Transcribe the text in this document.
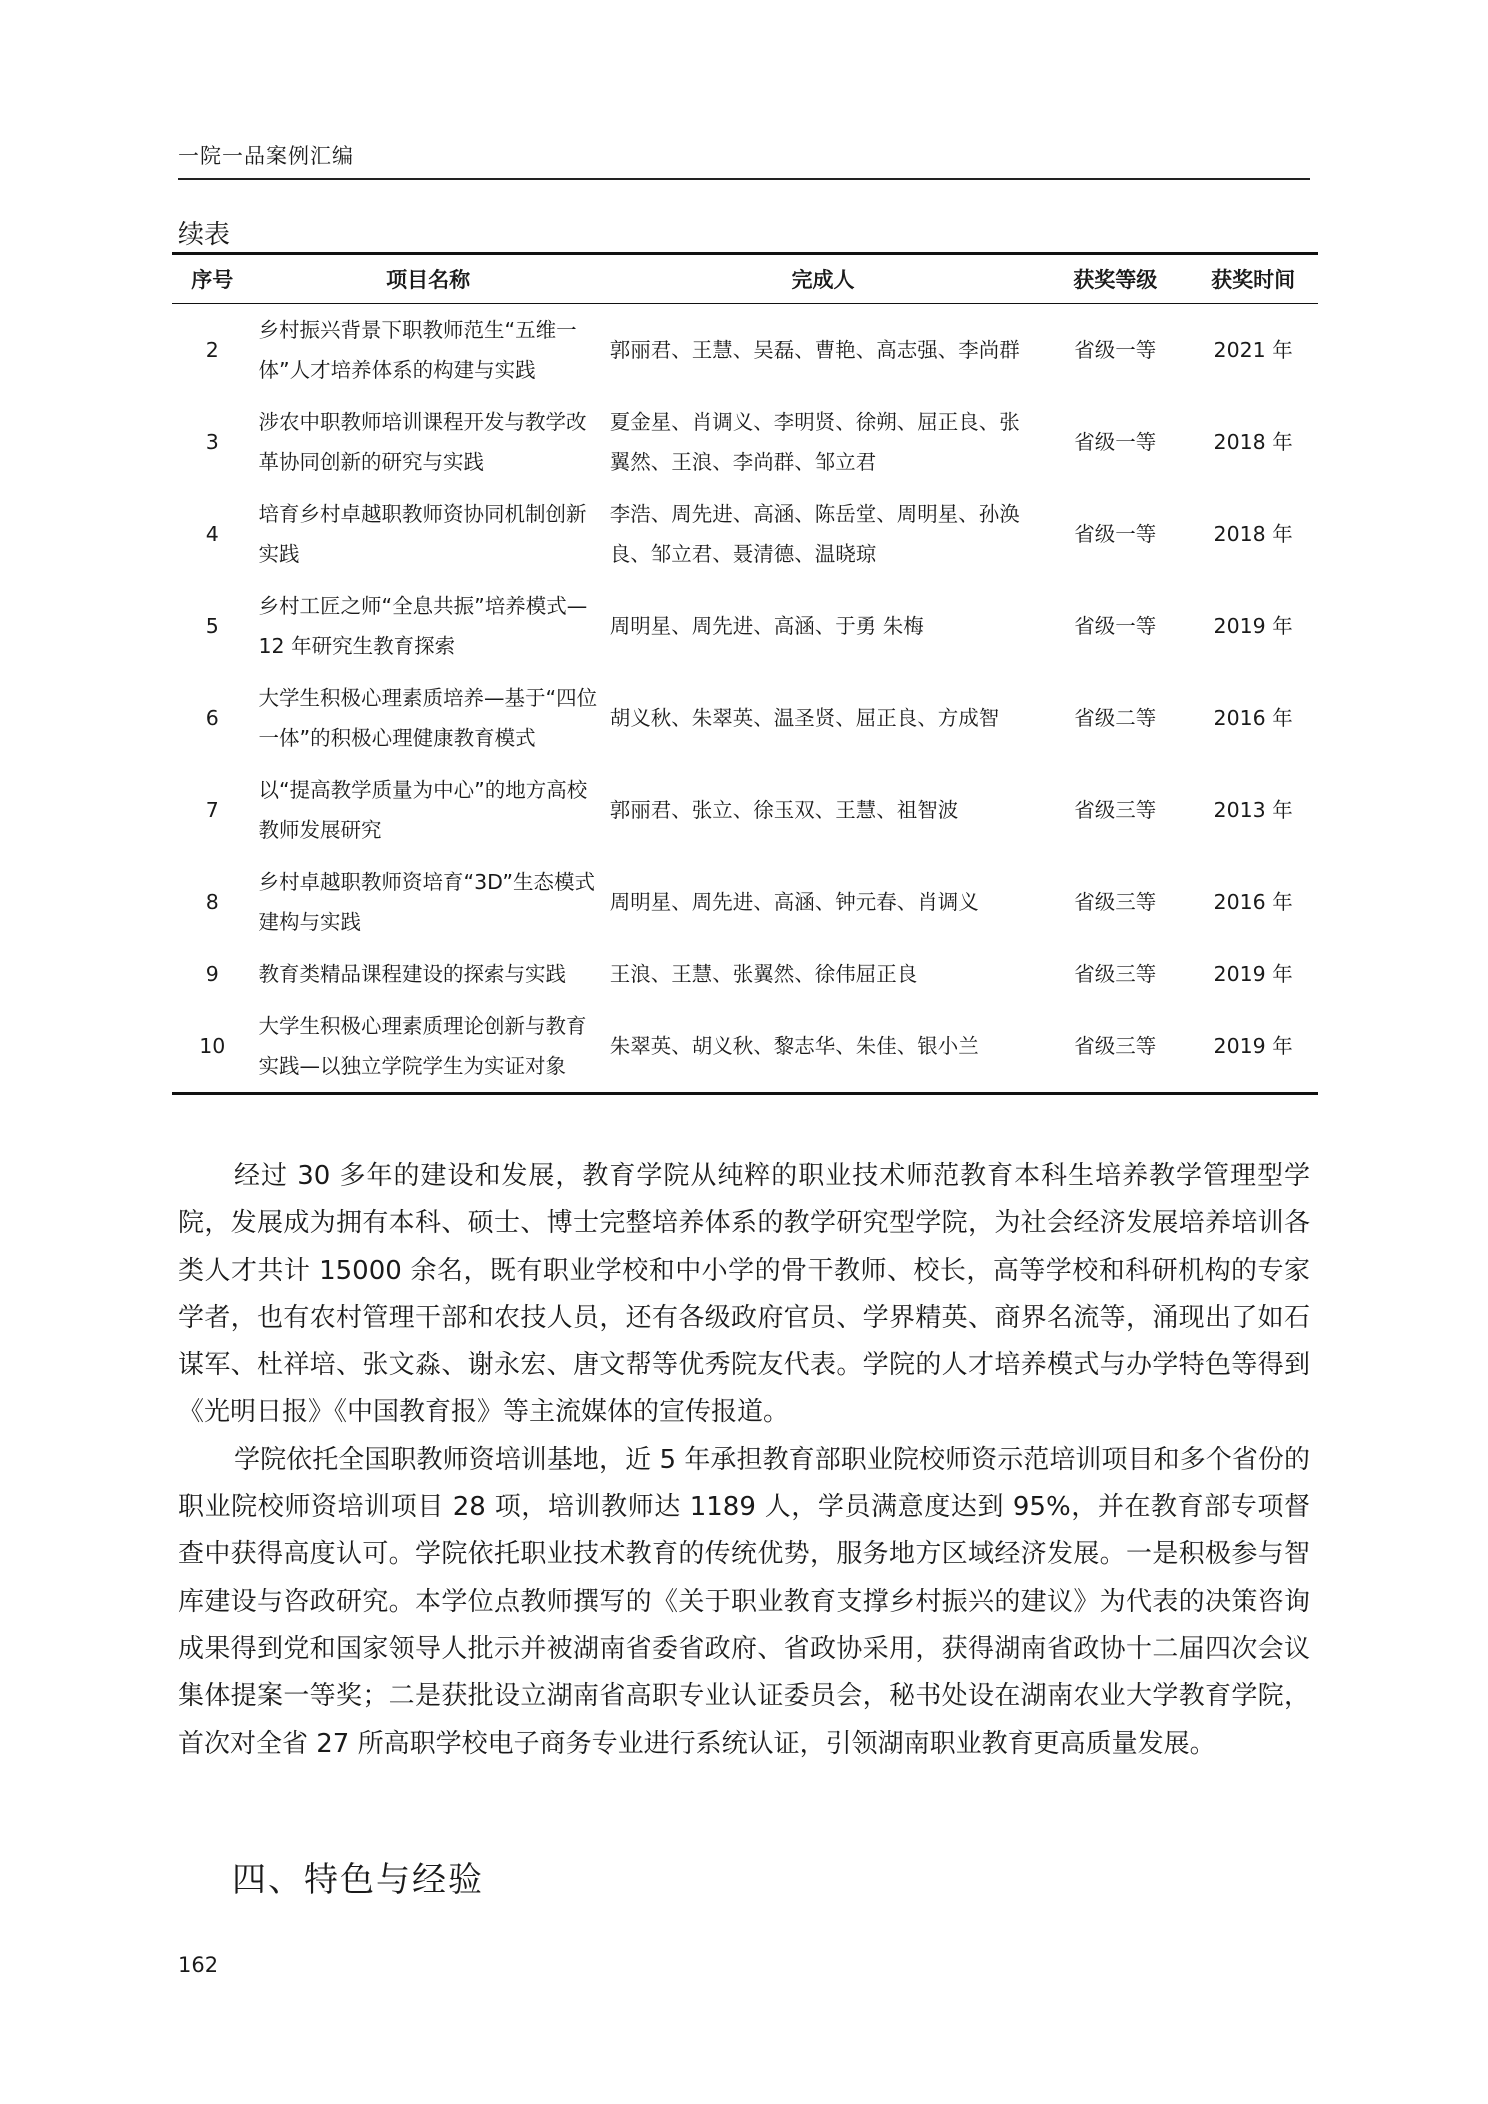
一院一品案例汇编
续表
序号	项目名称	完成人	获奖等级	获奖时间
2	乡村振兴背景下职教师范生“五维一体”人才培养体系的构建与实践	郭丽君、王慧、吴磊、曹艳、高志强、李尚群	省级一等	2021 年
3	涉农中职教师培训课程开发与教学改革协同创新的研究与实践	夏金星、肖调义、李明贤、徐朔、屈正良、张翼然、王浪、李尚群、邹立君	省级一等	2018 年
4	培育乡村卓越职教师资协同机制创新实践	李浩、周先进、高涵、陈岳堂、周明星、孙涣良、邹立君、聂清德、温晓琼	省级一等	2018 年
5	乡村工匠之师“全息共振”培养模式—12 年研究生教育探索	周明星、周先进、高涵、于勇 朱梅	省级一等	2019 年
6	大学生积极心理素质培养—基于“四位一体”的积极心理健康教育模式	胡义秋、朱翠英、温圣贤、屈正良、方成智	省级二等	2016 年
7	以“提高教学质量为中心”的地方高校教师发展研究	郭丽君、张立、徐玉双、王慧、祖智波	省级三等	2013 年
8	乡村卓越职教师资培育“3D”生态模式建构与实践	周明星、周先进、高涵、钟元春、肖调义	省级三等	2016 年
9	教育类精品课程建设的探索与实践	王浪、王慧、张翼然、徐伟屈正良	省级三等	2019 年
10	大学生积极心理素质理论创新与教育实践—以独立学院学生为实证对象	朱翠英、胡义秋、黎志华、朱佳、银小兰	省级三等	2019 年

经过 30 多年的建设和发展，教育学院从纯粹的职业技术师范教育本科生培养教学管理型学院，发展成为拥有本科、硕士、博士完整培养体系的教学研究型学院，为社会经济发展培养培训各类人才共计 15000 余名，既有职业学校和中小学的骨干教师、校长，高等学校和科研机构的专家学者，也有农村管理干部和农技人员，还有各级政府官员、学界精英、商界名流等，涌现出了如石谋军、杜祥培、张文淼、谢永宏、唐文帮等优秀院友代表。学院的人才培养模式与办学特色等得到《光明日报》《中国教育报》等主流媒体的宣传报道。

学院依托全国职教师资培训基地，近 5 年承担教育部职业院校师资示范培训项目和多个省份的职业院校师资培训项目 28 项，培训教师达 1189 人，学员满意度达到 95%，并在教育部专项督查中获得高度认可。学院依托职业技术教育的传统优势，服务地方区域经济发展。一是积极参与智库建设与咨政研究。本学位点教师撰写的《关于职业教育支撑乡村振兴的建议》为代表的决策咨询成果得到党和国家领导人批示并被湖南省委省政府、省政协采用，获得湖南省政协十二届四次会议集体提案一等奖；二是获批设立湖南省高职专业认证委员会，秘书处设在湖南农业大学教育学院，首次对全省 27 所高职学校电子商务专业进行系统认证，引领湖南职业教育更高质量发展。

四、特色与经验
162
